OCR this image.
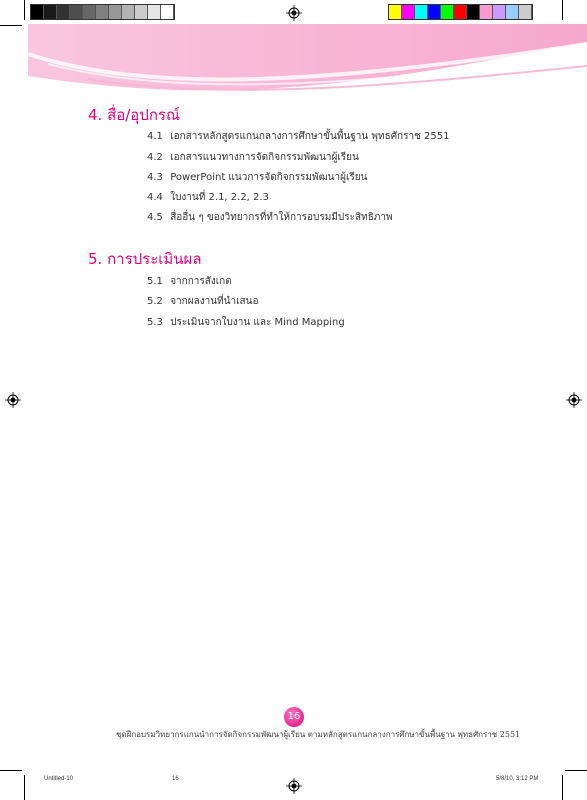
4. สื่อ/อุปกรณ์
4.1 เอกสารหลักสูตรแกนกลางการศึกษาขั้นพื้นฐาน พุทธศักราช 2551
4.2 เอกสารแนวทางการจัดกิจกรรมพัฒนาผู้เรียน
4.3 PowerPoint แนวการจัดกิจกรรมพัฒนาผู้เรียน
4.4 ใบงานที่ 2.1, 2.2, 2.3
4.5 สื่ออื่น ๆ ของวิทยากรที่ทำให้การอบรมมีประสิทธิภาพ
5. การประเมินผล
5.1 จากการสังเกต
5.2 จากผลงานที่นำเสนอ
5.3 ประเมินจากใบงาน และ Mind Mapping
16
ชุดฝึกอบรมวิทยากรแกนนำการจัดกิจกรรมพัฒนาผู้เรียน ตามหลักสูตรแกนกลางการศึกษาขั้นพื้นฐาน พุทธศักราช 2551
Untitled-10	16	5/8/10, 3:12 PM
